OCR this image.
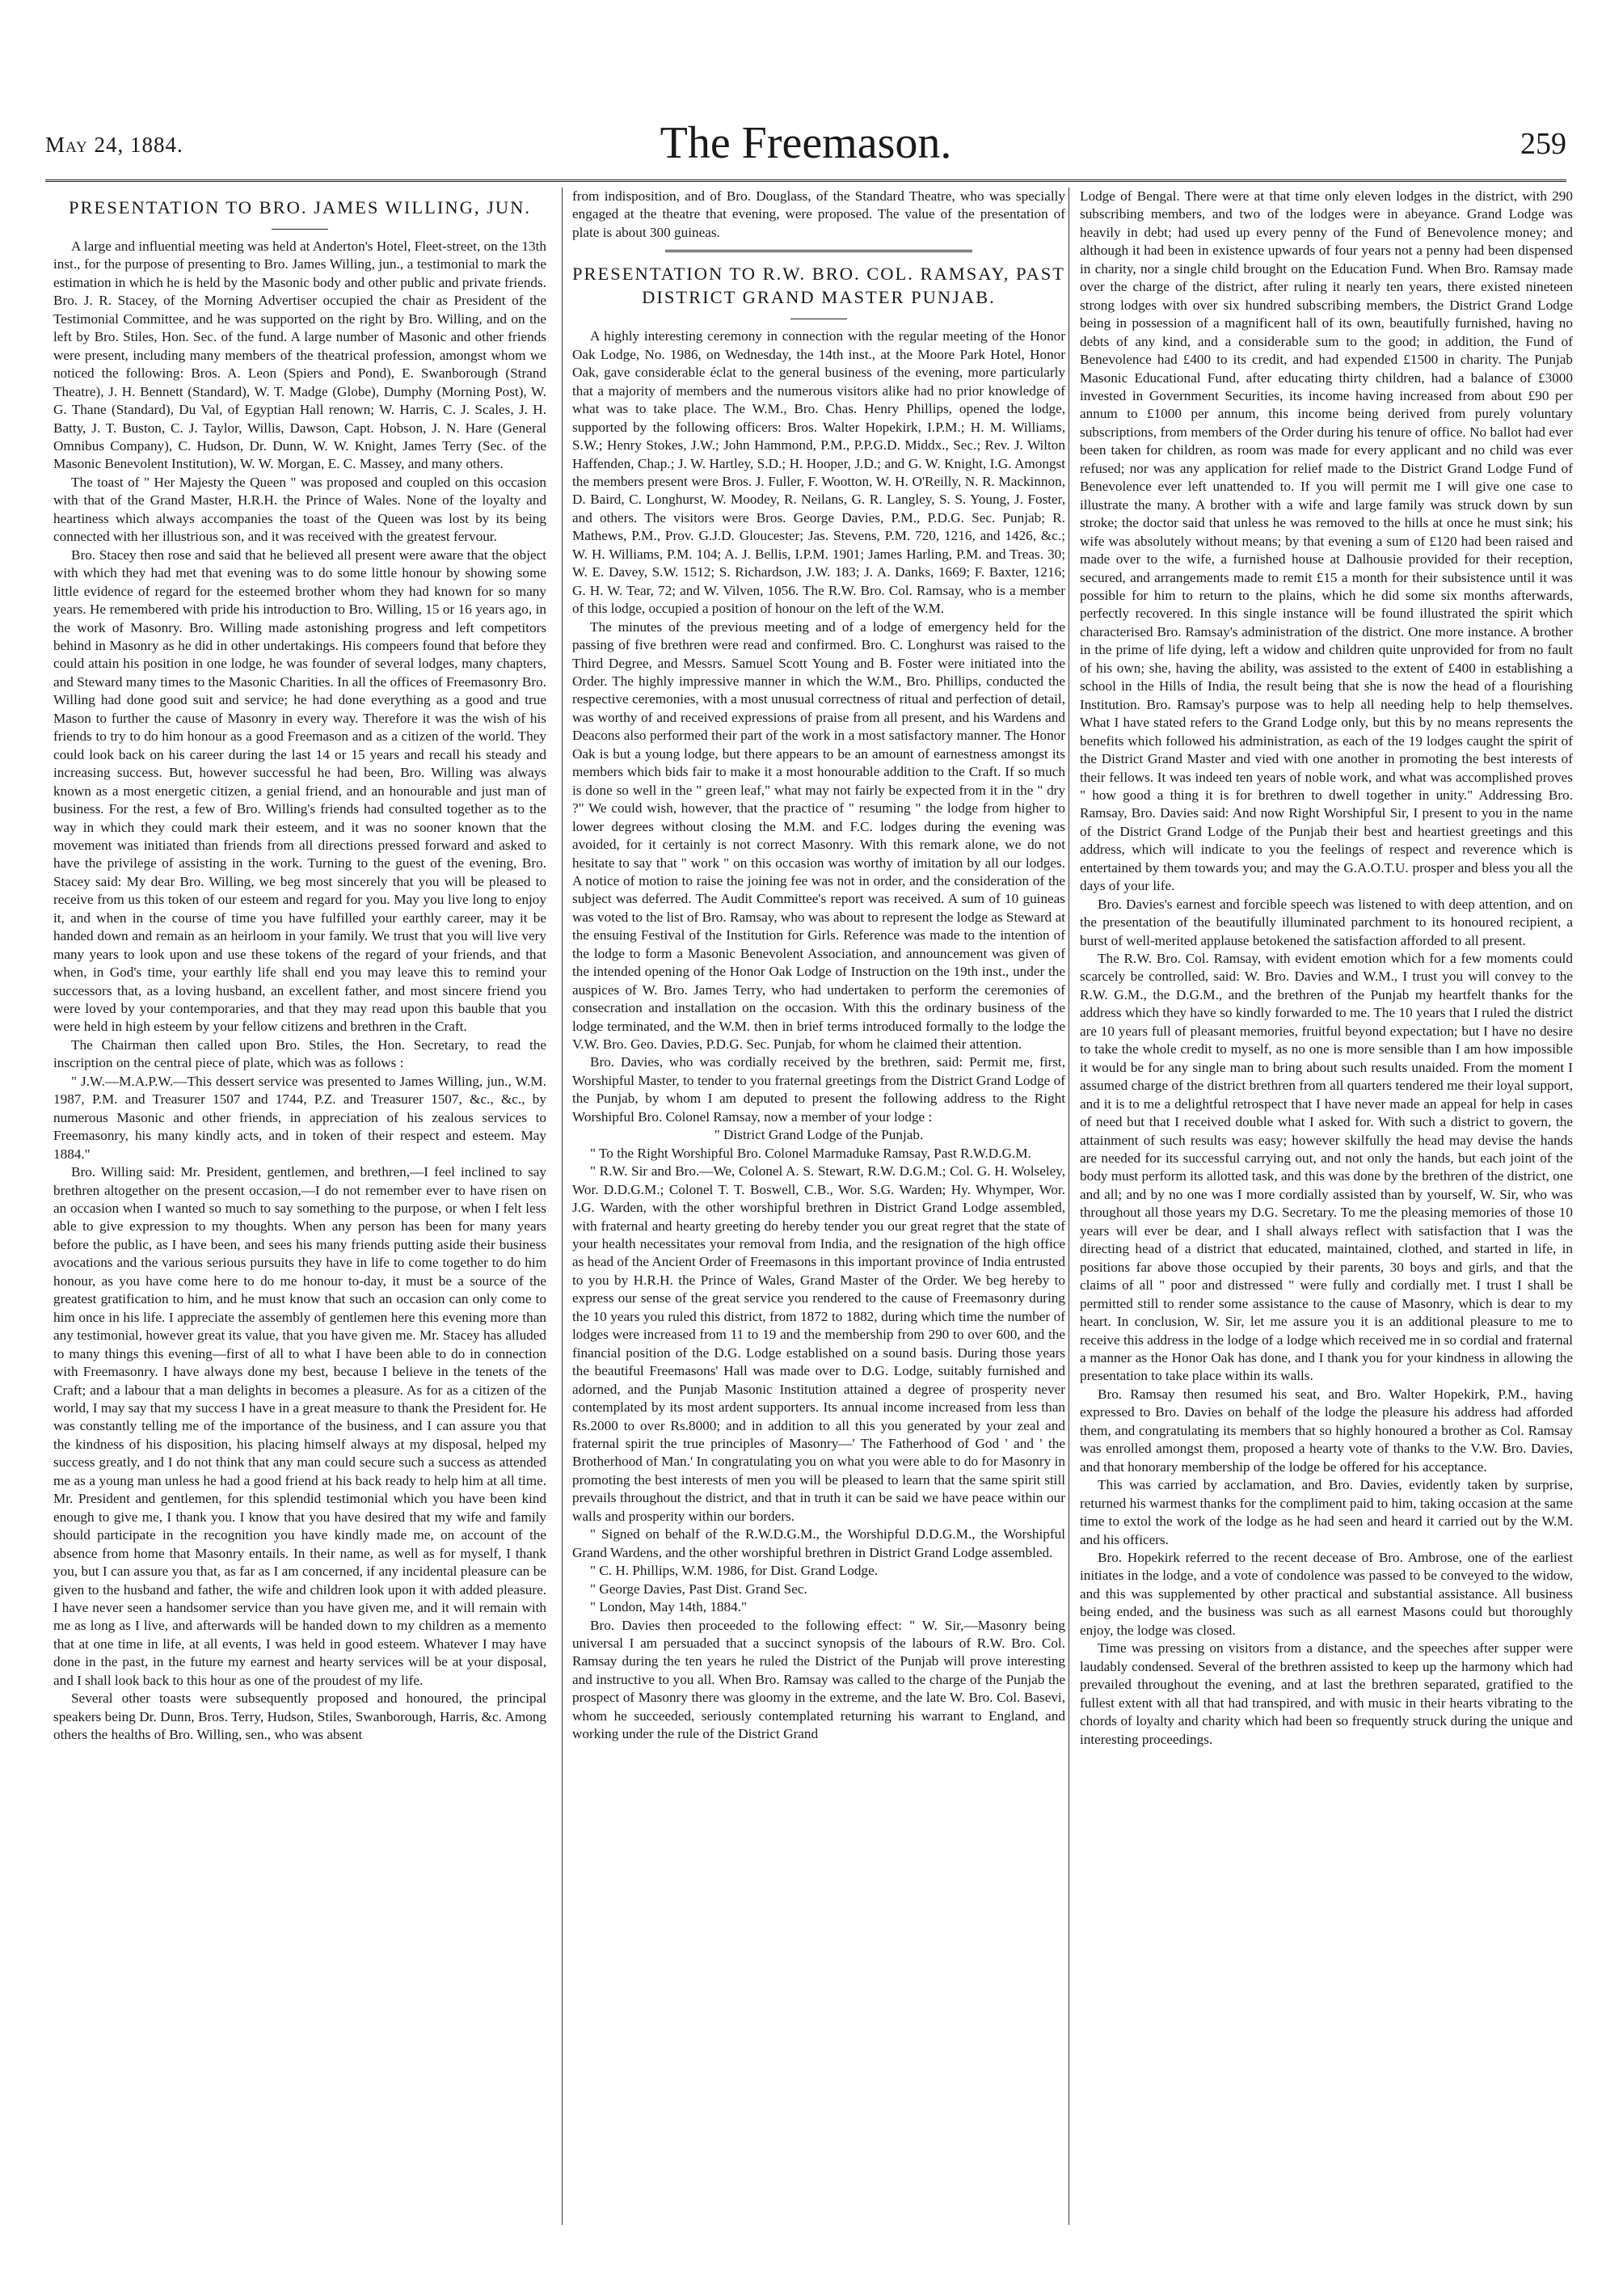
The Freemason.
May 24, 1884.	259
PRESENTATION TO BRO. JAMES WILLING, JUN.

A large and influential meeting was held at Anderton's Hotel, Fleet-street, on the 13th inst., for the purpose of presenting to Bro. James Willing, jun., a testimonial to mark the estimation in which he is held by the Masonic body and other public and private friends. Bro. J. R. Stacey, of the Morning Advertiser occupied the chair as President of the Testimonial Committee, and he was supported on the right by Bro. Willing, and on the left by Bro. Stiles, Hon. Sec. of the fund. A large number of Masonic and other friends were present, including many members of the theatrical profession, amongst whom we noticed the following: Bros. A. Leon (Spiers and Pond), E. Swanborough (Strand Theatre), J. H. Bennett (Standard), W. T. Madge (Globe), Dumphy (Morning Post), W. G. Thane (Standard), Du Val, of Egyptian Hall renown; W. Harris, C. J. Scales, J. H. Batty, J. T. Buston, C. J. Taylor, Willis, Dawson, Capt. Hobson, J. N. Hare (General Omnibus Company), C. Hudson, Dr. Dunn, W. W. Knight, James Terry (Sec. of the Masonic Benevolent Institution), W. W. Morgan, E. C. Massey, and many others.

The toast of " Her Majesty the Queen " was proposed and coupled on this occasion with that of the Grand Master, H.R.H. the Prince of Wales. None of the loyalty and heartiness which always accompanies the toast of the Queen was lost by its being connected with her illustrious son, and it was received with the greatest fervour.

Bro. Stacey then rose and said that he believed all present were aware that the object with which they had met that evening was to do some little honour by showing some little evidence of regard for the esteemed brother whom they had known for so many years. He remembered with pride his introduction to Bro. Willing, 15 or 16 years ago, in the work of Masonry. Bro. Willing made astonishing progress and left competitors behind in Masonry as he did in other undertakings. His compeers found that before they could attain his position in one lodge, he was founder of several lodges, many chapters, and Steward many times to the Masonic Charities. In all the offices of Freemasonry Bro. Willing had done good suit and service; he had done everything as a good and true Mason to further the cause of Masonry in every way. Therefore it was the wish of his friends to try to do him honour as a good Freemason and as a citizen of the world. They could look back on his career during the last 14 or 15 years and recall his steady and increasing success. But, however successful he had been, Bro. Willing was always known as a most energetic citizen, a genial friend, and an honourable and just man of business. For the rest, a few of Bro. Willing's friends had consulted together as to the way in which they could mark their esteem, and it was no sooner known that the movement was initiated than friends from all directions pressed forward and asked to have the privilege of assisting in the work. Turning to the guest of the evening, Bro. Stacey said: My dear Bro. Willing, we beg most sincerely that you will be pleased to receive from us this token of our esteem and regard for you. May you live long to enjoy it, and when in the course of time you have fulfilled your earthly career, may it be handed down and remain as an heirloom in your family. We trust that you will live very many years to look upon and use these tokens of the regard of your friends, and that when, in God's time, your earthly life shall end you may leave this to remind your successors that, as a loving husband, an excellent father, and most sincere friend you were loved by your contemporaries, and that they may read upon this bauble that you were held in high esteem by your fellow citizens and brethren in the Craft.

The Chairman then called upon Bro. Stiles, the Hon. Secretary, to read the inscription on the central piece of plate, which was as follows :

" J.W.—M.A.P.W.—This dessert service was presented to James Willing, jun., W.M. 1987, P.M. and Treasurer 1507 and 1744, P.Z. and Treasurer 1507, &c., &c., by numerous Masonic and other friends, in appreciation of his zealous services to Freemasonry, his many kindly acts, and in token of their respect and esteem. May 1884."

Bro. Willing said: Mr. President, gentlemen, and brethren,—I feel inclined to say brethren altogether on the present occasion,—I do not remember ever to have risen on an occasion when I wanted so much to say something to the purpose, or when I felt less able to give expression to my thoughts. When any person has been for many years before the public, as I have been, and sees his many friends putting aside their business avocations and the various serious pursuits they have in life to come together to do him honour, as you have come here to do me honour to-day, it must be a source of the greatest gratification to him, and he must know that such an occasion can only come to him once in his life. I appreciate the assembly of gentlemen here this evening more than any testimonial, however great its value, that you have given me. Mr. Stacey has alluded to many things this evening—first of all to what I have been able to do in connection with Freemasonry. I have always done my best, because I believe in the tenets of the Craft; and a labour that a man delights in becomes a pleasure. As for as a citizen of the world, I may say that my success I have in a great measure to thank the President for. He was constantly telling me of the importance of the business, and I can assure you that the kindness of his disposition, his placing himself always at my disposal, helped my success greatly, and I do not think that any man could secure such a success as attended me as a young man unless he had a good friend at his back ready to help him at all time. Mr. President and gentlemen, for this splendid testimonial which you have been kind enough to give me, I thank you. I know that you have desired that my wife and family should participate in the recognition you have kindly made me, on account of the absence from home that Masonry entails. In their name, as well as for myself, I thank you, but I can assure you that, as far as I am concerned, if any incidental pleasure can be given to the husband and father, the wife and children look upon it with added pleasure. I have never seen a handsomer service than you have given me, and it will remain with me as long as I live, and afterwards will be handed down to my children as a memento that at one time in life, at all events, I was held in good esteem. Whatever I may have done in the past, in the future my earnest and hearty services will be at your disposal, and I shall look back to this hour as one of the proudest of my life.

Several other toasts were subsequently proposed and honoured, the principal speakers being Dr. Dunn, Bros. Terry, Hudson, Stiles, Swanborough, Harris, &c. Among others the healths of Bro. Willing, sen., who was absent

from indisposition, and of Bro. Douglass, of the Standard Theatre, who was specially engaged at the theatre that evening, were proposed. The value of the presentation of plate is about 300 guineas.

PRESENTATION TO R.W. BRO. COL. RAMSAY, PAST DISTRICT GRAND MASTER PUNJAB.

A highly interesting ceremony in connection with the regular meeting of the Honor Oak Lodge, No. 1986, on Wednesday, the 14th inst., at the Moore Park Hotel, Honor Oak, gave considerable éclat to the general business of the evening, more particularly that a majority of members and the numerous visitors alike had no prior knowledge of what was to take place. The W.M., Bro. Chas. Henry Phillips, opened the lodge, supported by the following officers: Bros. Walter Hopekirk, I.P.M.; H. M. Williams, S.W.; Henry Stokes, J.W.; John Hammond, P.M., P.P.G.D. Middx., Sec.; Rev. J. Wilton Haffenden, Chap.; J. W. Hartley, S.D.; H. Hooper, J.D.; and G. W. Knight, I.G. Amongst the members present were Bros. J. Fuller, F. Wootton, W. H. O'Reilly, N. R. Mackinnon, D. Baird, C. Longhurst, W. Moodey, R. Neilans, G. R. Langley, S. S. Young, J. Foster, and others. The visitors were Bros. George Davies, P.M., P.D.G. Sec. Punjab; R. Mathews, P.M., Prov. G.J.D. Gloucester; Jas. Stevens, P.M. 720, 1216, and 1426, &c.; W. H. Williams, P.M. 104; A. J. Bellis, I.P.M. 1901; James Harling, P.M. and Treas. 30; W. E. Davey, S.W. 1512; S. Richardson, J.W. 183; J. A. Danks, 1669; F. Baxter, 1216; G. H. W. Tear, 72; and W. Vilven, 1056. The R.W. Bro. Col. Ramsay, who is a member of this lodge, occupied a position of honour on the left of the W.M.

The minutes of the previous meeting and of a lodge of emergency held for the passing of five brethren were read and confirmed. Bro. C. Longhurst was raised to the Third Degree, and Messrs. Samuel Scott Young and B. Foster were initiated into the Order. The highly impressive manner in which the W.M., Bro. Phillips, conducted the respective ceremonies, with a most unusual correctness of ritual and perfection of detail, was worthy of and received expressions of praise from all present, and his Wardens and Deacons also performed their part of the work in a most satisfactory manner. The Honor Oak is but a young lodge, but there appears to be an amount of earnestness amongst its members which bids fair to make it a most honourable addition to the Craft. If so much is done so well in the " green leaf," what may not fairly be expected from it in the " dry ?" We could wish, however, that the practice of " resuming " the lodge from higher to lower degrees without closing the M.M. and F.C. lodges during the evening was avoided, for it certainly is not correct Masonry. With this remark alone, we do not hesitate to say that " work " on this occasion was worthy of imitation by all our lodges. A notice of motion to raise the joining fee was not in order, and the consideration of the subject was deferred. The Audit Committee's report was received. A sum of 10 guineas was voted to the list of Bro. Ramsay, who was about to represent the lodge as Steward at the ensuing Festival of the Institution for Girls. Reference was made to the intention of the lodge to form a Masonic Benevolent Association, and announcement was given of the intended opening of the Honor Oak Lodge of Instruction on the 19th inst., under the auspices of W. Bro. James Terry, who had undertaken to perform the ceremonies of consecration and installation on the occasion. With this the ordinary business of the lodge terminated, and the W.M. then in brief terms introduced formally to the lodge the V.W. Bro. Geo. Davies, P.D.G. Sec. Punjab, for whom he claimed their attention.

Bro. Davies, who was cordially received by the brethren, said: Permit me, first, Worshipful Master, to tender to you fraternal greetings from the District Grand Lodge of the Punjab, by whom I am deputed to present the following address to the Right Worshipful Bro. Colonel Ramsay, now a member of your lodge :

" District Grand Lodge of the Punjab.

" To the Right Worshipful Bro. Colonel Marmaduke Ramsay, Past R.W.D.G.M.

" R.W. Sir and Bro.—We, Colonel A. S. Stewart, R.W. D.G.M.; Col. G. H. Wolseley, Wor. D.D.G.M.; Colonel T. T. Boswell, C.B., Wor. S.G. Warden; Hy. Whymper, Wor. J.G. Warden, with the other worshipful brethren in District Grand Lodge assembled, with fraternal and hearty greeting do hereby tender you our great regret that the state of your health necessitates your removal from India, and the resignation of the high office as head of the Ancient Order of Freemasons in this important province of India entrusted to you by H.R.H. the Prince of Wales, Grand Master of the Order. We beg hereby to express our sense of the great service you rendered to the cause of Freemasonry during the 10 years you ruled this district, from 1872 to 1882, during which time the number of lodges were increased from 11 to 19 and the membership from 290 to over 600, and the financial position of the D.G. Lodge established on a sound basis. During those years the beautiful Freemasons' Hall was made over to D.G. Lodge, suitably furnished and adorned, and the Punjab Masonic Institution attained a degree of prosperity never contemplated by its most ardent supporters. Its annual income increased from less than Rs.2000 to over Rs.8000; and in addition to all this you generated by your zeal and fraternal spirit the true principles of Masonry—' The Fatherhood of God ' and ' the Brotherhood of Man.' In congratulating you on what you were able to do for Masonry in promoting the best interests of men you will be pleased to learn that the same spirit still prevails throughout the district, and that in truth it can be said we have peace within our walls and prosperity within our borders.

" Signed on behalf of the R.W.D.G.M., the Worshipful D.D.G.M., the Worshipful Grand Wardens, and the other worshipful brethren in District Grand Lodge assembled.

" C. H. Phillips, W.M. 1986, for Dist. Grand Lodge.

" George Davies, Past Dist. Grand Sec.

" London, May 14th, 1884."

Bro. Davies then proceeded to the following effect: " W. Sir,—Masonry being universal I am persuaded that a succinct synopsis of the labours of R.W. Bro. Col. Ramsay during the ten years he ruled the District of the Punjab will prove interesting and instructive to you all. When Bro. Ramsay was called to the charge of the Punjab the prospect of Masonry there was gloomy in the extreme, and the late W. Bro. Col. Basevi, whom he succeeded, seriously contemplated returning his warrant to England, and working under the rule of the District Grand

Lodge of Bengal. There were at that time only eleven lodges in the district, with 290 subscribing members, and two of the lodges were in abeyance. Grand Lodge was heavily in debt; had used up every penny of the Fund of Benevolence money; and although it had been in existence upwards of four years not a penny had been dispensed in charity, nor a single child brought on the Education Fund. When Bro. Ramsay made over the charge of the district, after ruling it nearly ten years, there existed nineteen strong lodges with over six hundred subscribing members, the District Grand Lodge being in possession of a magnificent hall of its own, beautifully furnished, having no debts of any kind, and a considerable sum to the good; in addition, the Fund of Benevolence had £400 to its credit, and had expended £1500 in charity. The Punjab Masonic Educational Fund, after educating thirty children, had a balance of £3000 invested in Government Securities, its income having increased from about £90 per annum to £1000 per annum, this income being derived from purely voluntary subscriptions, from members of the Order during his tenure of office. No ballot had ever been taken for children, as room was made for every applicant and no child was ever refused; nor was any application for relief made to the District Grand Lodge Fund of Benevolence ever left unattended to. If you will permit me I will give one case to illustrate the many. A brother with a wife and large family was struck down by sun stroke; the doctor said that unless he was removed to the hills at once he must sink; his wife was absolutely without means; by that evening a sum of £120 had been raised and made over to the wife, a furnished house at Dalhousie provided for their reception, secured, and arrangements made to remit £15 a month for their subsistence until it was possible for him to return to the plains, which he did some six months afterwards, perfectly recovered. In this single instance will be found illustrated the spirit which characterised Bro. Ramsay's administration of the district. One more instance. A brother in the prime of life dying, left a widow and children quite unprovided for from no fault of his own; she, having the ability, was assisted to the extent of £400 in establishing a school in the Hills of India, the result being that she is now the head of a flourishing Institution. Bro. Ramsay's purpose was to help all needing help to help themselves. What I have stated refers to the Grand Lodge only, but this by no means represents the benefits which followed his administration, as each of the 19 lodges caught the spirit of the District Grand Master and vied with one another in promoting the best interests of their fellows. It was indeed ten years of noble work, and what was accomplished proves " how good a thing it is for brethren to dwell together in unity." Addressing Bro. Ramsay, Bro. Davies said: And now Right Worshipful Sir, I present to you in the name of the District Grand Lodge of the Punjab their best and heartiest greetings and this address, which will indicate to you the feelings of respect and reverence which is entertained by them towards you; and may the G.A.O.T.U. prosper and bless you all the days of your life.

Bro. Davies's earnest and forcible speech was listened to with deep attention, and on the presentation of the beautifully illuminated parchment to its honoured recipient, a burst of well-merited applause betokened the satisfaction afforded to all present.

The R.W. Bro. Col. Ramsay, with evident emotion which for a few moments could scarcely be controlled, said: W. Bro. Davies and W.M., I trust you will convey to the R.W. G.M., the D.G.M., and the brethren of the Punjab my heartfelt thanks for the address which they have so kindly forwarded to me. The 10 years that I ruled the district are 10 years full of pleasant memories, fruitful beyond expectation; but I have no desire to take the whole credit to myself, as no one is more sensible than I am how impossible it would be for any single man to bring about such results unaided. From the moment I assumed charge of the district brethren from all quarters tendered me their loyal support, and it is to me a delightful retrospect that I have never made an appeal for help in cases of need but that I received double what I asked for. With such a district to govern, the attainment of such results was easy; however skilfully the head may devise the hands are needed for its successful carrying out, and not only the hands, but each joint of the body must perform its allotted task, and this was done by the brethren of the district, one and all; and by no one was I more cordially assisted than by yourself, W. Sir, who was throughout all those years my D.G. Secretary. To me the pleasing memories of those 10 years will ever be dear, and I shall always reflect with satisfaction that I was the directing head of a district that educated, maintained, clothed, and started in life, in positions far above those occupied by their parents, 30 boys and girls, and that the claims of all " poor and distressed " were fully and cordially met. I trust I shall be permitted still to render some assistance to the cause of Masonry, which is dear to my heart. In conclusion, W. Sir, let me assure you it is an additional pleasure to me to receive this address in the lodge of a lodge which received me in so cordial and fraternal a manner as the Honor Oak has done, and I thank you for your kindness in allowing the presentation to take place within its walls.

Bro. Ramsay then resumed his seat, and Bro. Walter Hopekirk, P.M., having expressed to Bro. Davies on behalf of the lodge the pleasure his address had afforded them, and congratulating its members that so highly honoured a brother as Col. Ramsay was enrolled amongst them, proposed a hearty vote of thanks to the V.W. Bro. Davies, and that honorary membership of the lodge be offered for his acceptance.

This was carried by acclamation, and Bro. Davies, evidently taken by surprise, returned his warmest thanks for the compliment paid to him, taking occasion at the same time to extol the work of the lodge as he had seen and heard it carried out by the W.M. and his officers.

Bro. Hopekirk referred to the recent decease of Bro. Ambrose, one of the earliest initiates in the lodge, and a vote of condolence was passed to be conveyed to the widow, and this was supplemented by other practical and substantial assistance. All business being ended, and the business was such as all earnest Masons could but thoroughly enjoy, the lodge was closed.

Time was pressing on visitors from a distance, and the speeches after supper were laudably condensed. Several of the brethren assisted to keep up the harmony which had prevailed throughout the evening, and at last the brethren separated, gratified to the fullest extent with all that had transpired, and with music in their hearts vibrating to the chords of loyalty and charity which had been so frequently struck during the unique and interesting proceedings.
